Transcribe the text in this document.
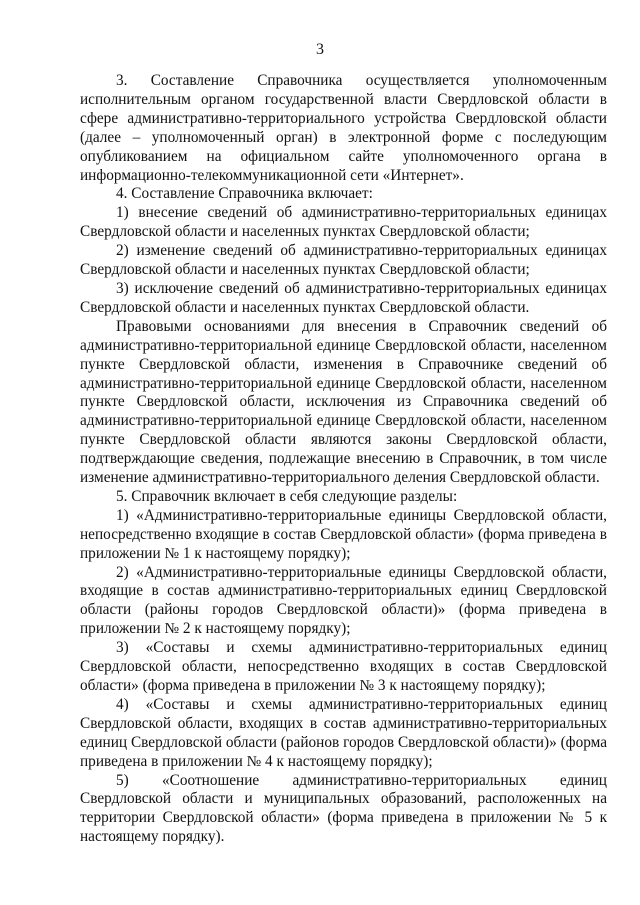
3

3. Составление Справочника осуществляется уполномоченным исполнительным органом государственной власти Свердловской области в сфере административно-территориального устройства Свердловской области (далее – уполномоченный орган) в электронной форме с последующим опубликованием на официальном сайте уполномоченного органа в информационно-телекоммуникационной сети «Интернет».

4. Составление Справочника включает:

1) внесение сведений об административно-территориальных единицах Свердловской области и населенных пунктах Свердловской области;

2) изменение сведений об административно-территориальных единицах Свердловской области и населенных пунктах Свердловской области;

3) исключение сведений об административно-территориальных единицах Свердловской области и населенных пунктах Свердловской области.

Правовыми основаниями для внесения в Справочник сведений об административно-территориальной единице Свердловской области, населенном пункте Свердловской области, изменения в Справочнике сведений об административно-территориальной единице Свердловской области, населенном пункте Свердловской области, исключения из Справочника сведений об административно-территориальной единице Свердловской области, населенном пункте Свердловской области являются законы Свердловской области, подтверждающие сведения, подлежащие внесению в Справочник, в том числе изменение административно-территориального деления Свердловской области.

5. Справочник включает в себя следующие разделы:

1) «Административно-территориальные единицы Свердловской области, непосредственно входящие в состав Свердловской области» (форма приведена в приложении № 1 к настоящему порядку);

2) «Административно-территориальные единицы Свердловской области, входящие в состав административно-территориальных единиц Свердловской области (районы городов Свердловской области)» (форма приведена в приложении № 2 к настоящему порядку);

3) «Составы и схемы административно-территориальных единиц Свердловской области, непосредственно входящих в состав Свердловской области» (форма приведена в приложении № 3 к настоящему порядку);

4) «Составы и схемы административно-территориальных единиц Свердловской области, входящих в состав административно-территориальных единиц Свердловской области (районов городов Свердловской области)» (форма приведена в приложении № 4 к настоящему порядку);

5) «Соотношение административно-территориальных единиц Свердловской области и муниципальных образований, расположенных на территории Свердловской области» (форма приведена в приложении № 5 к настоящему порядку).
